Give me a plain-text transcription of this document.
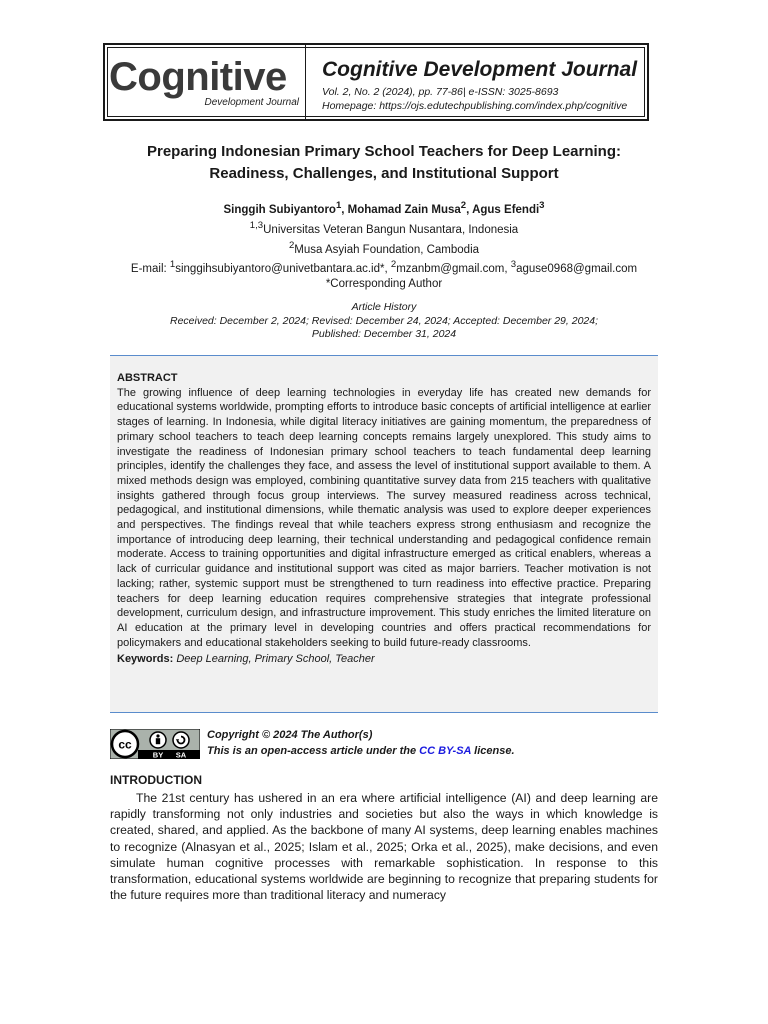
Cognitive
Development Journal
Cognitive Development Journal
Vol. 2, No. 2 (2024), pp. 77-86| e-ISSN: 3025-8693
Homepage: https://ojs.edutechpublishing.com/index.php/cognitive
Preparing Indonesian Primary School Teachers for Deep Learning:
Readiness, Challenges, and Institutional Support
Singgih Subiyantoro$^1$, Mohamad Zain Musa$^2$, Agus Efendi$^3$
$^{1,3}$Universitas Veteran Bangun Nusantara, Indonesia
$^2$Musa Asyiah Foundation, Cambodia
E-mail: $^1$singgihsubiyantoro@univetbantara.ac.id*, $^2$mzanbm@gmail.com, $^3$aguse0968@gmail.com
*Corresponding Author
Article History
Received: December 2, 2024; Revised: December 24, 2024; Accepted: December 29, 2024;
Published: December 31, 2024
ABSTRACT
The growing influence of deep learning technologies in everyday life has created new demands for educational systems worldwide, prompting efforts to introduce basic concepts of artificial intelligence at earlier stages of learning. In Indonesia, while digital literacy initiatives are gaining momentum, the preparedness of primary school teachers to teach deep learning concepts remains largely unexplored. This study aims to investigate the readiness of Indonesian primary school teachers to teach fundamental deep learning principles, identify the challenges they face, and assess the level of institutional support available to them. A mixed methods design was employed, combining quantitative survey data from 215 teachers with qualitative insights gathered through focus group interviews. The survey measured readiness across technical, pedagogical, and institutional dimensions, while thematic analysis was used to explore deeper experiences and perspectives. The findings reveal that while teachers express strong enthusiasm and recognize the importance of introducing deep learning, their technical understanding and pedagogical confidence remain moderate. Access to training opportunities and digital infrastructure emerged as critical enablers, whereas a lack of curricular guidance and institutional support was cited as major barriers. Teacher motivation is not lacking; rather, systemic support must be strengthened to turn readiness into effective practice. Preparing teachers for deep learning education requires comprehensive strategies that integrate professional development, curriculum design, and infrastructure improvement. This study enriches the limited literature on AI education at the primary level in developing countries and offers practical recommendations for policymakers and educational stakeholders seeking to build future-ready classrooms.
Keywords: Deep Learning, Primary School, Teacher
cc
BY SA
Copyright © 2024 The Author(s)
This is an open-access article under the CC BY-SA license.
INTRODUCTION
The 21st century has ushered in an era where artificial intelligence (AI) and deep learning are rapidly transforming not only industries and societies but also the ways in which knowledge is created, shared, and applied. As the backbone of many AI systems, deep learning enables machines to recognize (Alnasyan et al., 2025; Islam et al., 2025; Orka et al., 2025), make decisions, and even simulate human cognitive processes with remarkable sophistication. In response to this transformation, educational systems worldwide are beginning to recognize that preparing students for the future requires more than traditional literacy and numeracy
